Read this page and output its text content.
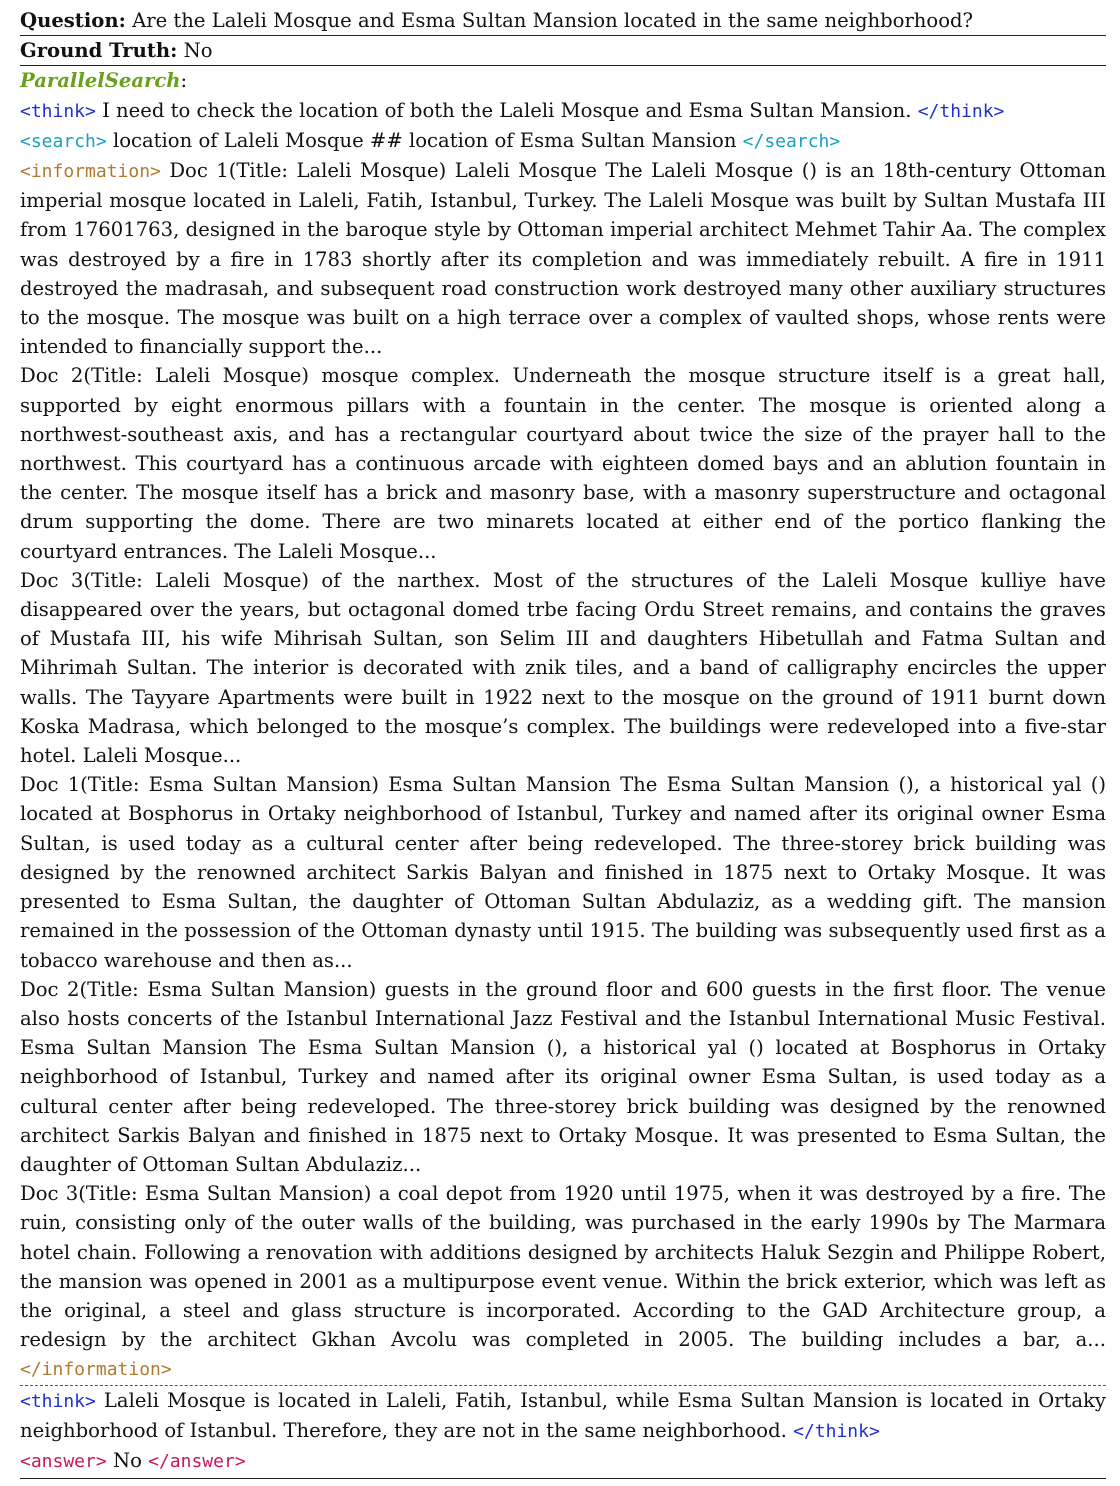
Question: Are the Laleli Mosque and Esma Sultan Mansion located in the same neighborhood?
Ground Truth: No
ParallelSearch:

<think> I need to check the location of both the Laleli Mosque and Esma Sultan Mansion. </think>

<search> location of Laleli Mosque ## location of Esma Sultan Mansion </search>

<information> Doc 1(Title: Laleli Mosque) Laleli Mosque The Laleli Mosque () is an 18th-century Ottoman imperial mosque located in Laleli, Fatih, Istanbul, Turkey. The Laleli Mosque was built by Sultan Mustafa III from 17601763, designed in the baroque style by Ottoman imperial architect Mehmet Tahir Aa. The complex was destroyed by a fire in 1783 shortly after its completion and was immediately rebuilt. A fire in 1911 destroyed the madrasah, and subsequent road construction work destroyed many other auxiliary structures to the mosque. The mosque was built on a high terrace over a complex of vaulted shops, whose rents were intended to financially support the...

Doc 2(Title: Laleli Mosque) mosque complex. Underneath the mosque structure itself is a great hall, supported by eight enormous pillars with a fountain in the center. The mosque is oriented along a northwest-southeast axis, and has a rectangular courtyard about twice the size of the prayer hall to the northwest. This courtyard has a continuous arcade with eighteen domed bays and an ablution fountain in the center. The mosque itself has a brick and masonry base, with a masonry superstructure and octagonal drum supporting the dome. There are two minarets located at either end of the portico flanking the courtyard entrances. The Laleli Mosque...

Doc 3(Title: Laleli Mosque) of the narthex. Most of the structures of the Laleli Mosque kulliye have disappeared over the years, but octagonal domed trbe facing Ordu Street remains, and contains the graves of Mustafa III, his wife Mihrisah Sultan, son Selim III and daughters Hibetullah and Fatma Sultan and Mihrimah Sultan. The interior is decorated with znik tiles, and a band of calligraphy encircles the upper walls. The Tayyare Apartments were built in 1922 next to the mosque on the ground of 1911 burnt down Koska Madrasa, which belonged to the mosque’s complex. The buildings were redeveloped into a five-star hotel. Laleli Mosque...

Doc 1(Title: Esma Sultan Mansion) Esma Sultan Mansion The Esma Sultan Mansion (), a historical yal () located at Bosphorus in Ortaky neighborhood of Istanbul, Turkey and named after its original owner Esma Sultan, is used today as a cultural center after being redeveloped. The three-storey brick building was designed by the renowned architect Sarkis Balyan and finished in 1875 next to Ortaky Mosque. It was presented to Esma Sultan, the daughter of Ottoman Sultan Abdulaziz, as a wedding gift. The mansion remained in the possession of the Ottoman dynasty until 1915. The building was subsequently used first as a tobacco warehouse and then as...

Doc 2(Title: Esma Sultan Mansion) guests in the ground floor and 600 guests in the first floor. The venue also hosts concerts of the Istanbul International Jazz Festival and the Istanbul International Music Festival. Esma Sultan Mansion The Esma Sultan Mansion (), a historical yal () located at Bosphorus in Ortaky neighborhood of Istanbul, Turkey and named after its original owner Esma Sultan, is used today as a cultural center after being redeveloped. The three-storey brick building was designed by the renowned architect Sarkis Balyan and finished in 1875 next to Ortaky Mosque. It was presented to Esma Sultan, the daughter of Ottoman Sultan Abdulaziz...

Doc 3(Title: Esma Sultan Mansion) a coal depot from 1920 until 1975, when it was destroyed by a fire. The ruin, consisting only of the outer walls of the building, was purchased in the early 1990s by The Marmara hotel chain. Following a renovation with additions designed by architects Haluk Sezgin and Philippe Robert, the mansion was opened in 2001 as a multipurpose event venue. Within the brick exterior, which was left as the original, a steel and glass structure is incorporated. According to the GAD Architecture group, a redesign by the architect Gkhan Avcolu was completed in 2005. The building includes a bar, a... </information>

<think> Laleli Mosque is located in Laleli, Fatih, Istanbul, while Esma Sultan Mansion is located in Ortaky neighborhood of Istanbul. Therefore, they are not in the same neighborhood. </think>

<answer> No </answer>
